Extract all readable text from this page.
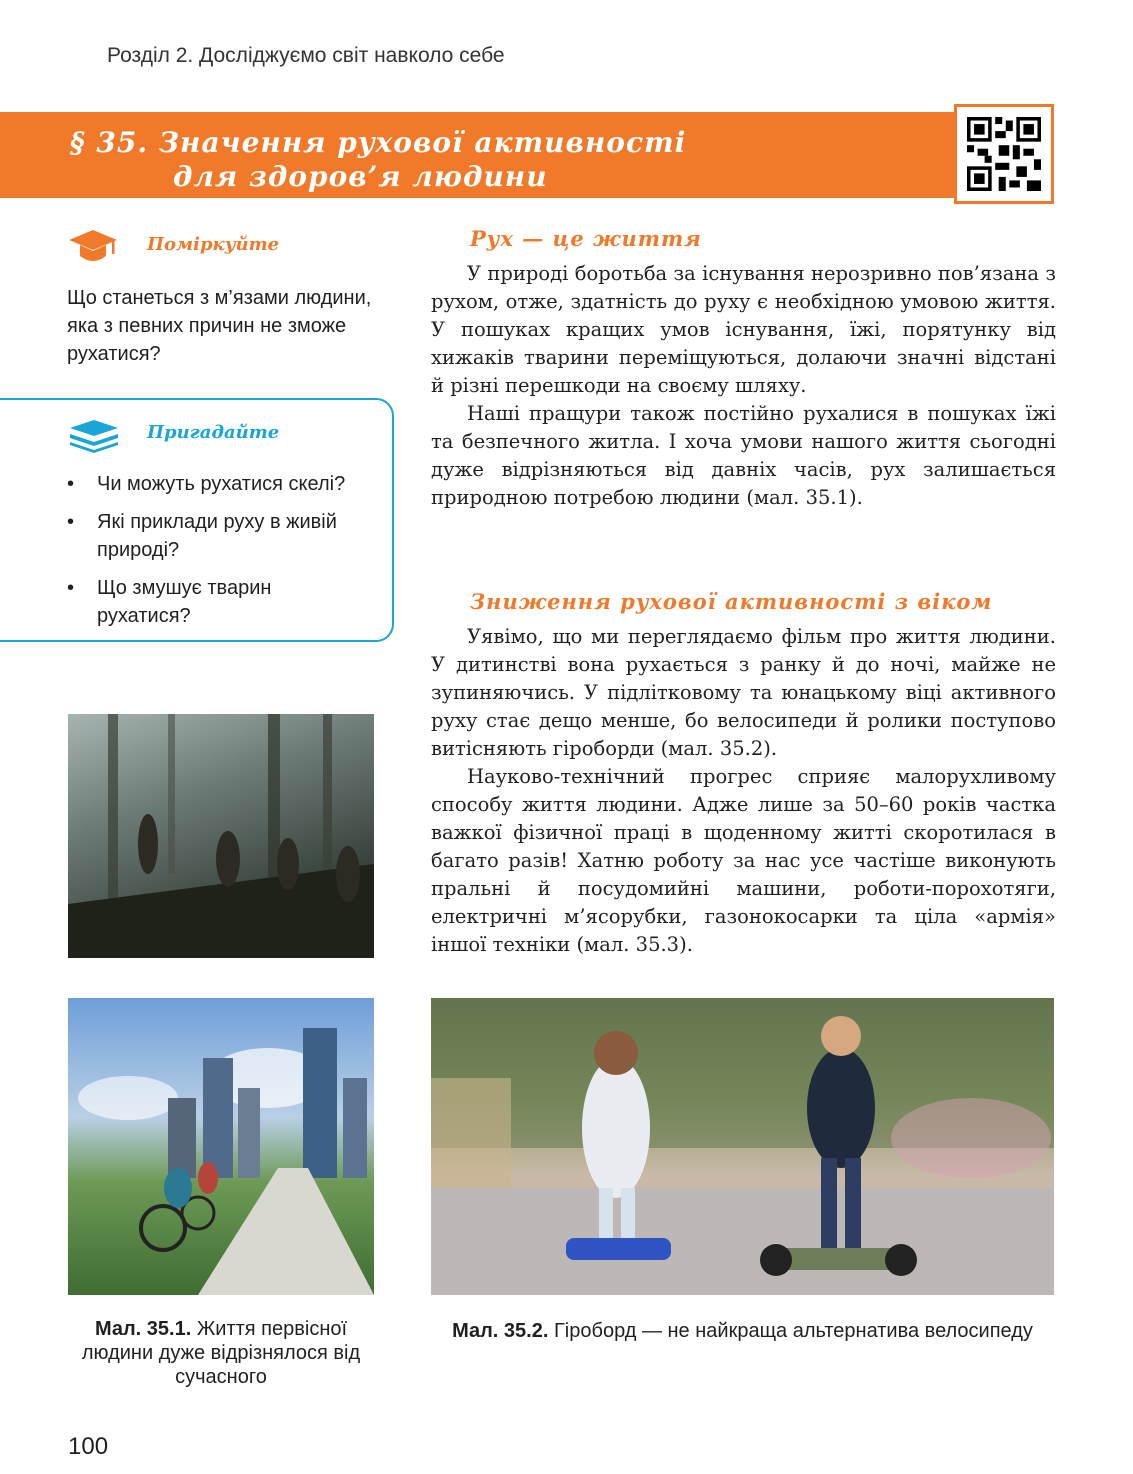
Розділ 2. Досліджуємо світ навколо себе
§ 35. Значення рухової активності
для здоров’я людини
Поміркуйте
Що станеться з м’язами людини, яка з певних причин не зможе рухатися?
Пригадайте
• Чи можуть рухатися скелі?
• Які приклади руху в живій природі?
• Що змушує тварин рухатися?
Рух — це життя

У природі боротьба за існування нерозривно пов’язана з рухом, отже, здатність до руху є необхідною умовою життя. У пошуках кращих умов існування, їжі, порятунку від хижаків тварини переміщуються, долаючи значні відстані й різні перешкоди на своєму шляху.

Наші пращури також постійно рухалися в пошуках їжі та безпечного житла. І хоча умови нашого життя сьогодні дуже відрізняються від давніх часів, рух залишається природною потребою людини (мал. 35.1).

Зниження рухової активності з віком

Уявімо, що ми переглядаємо фільм про життя людини. У дитинстві вона рухається з ранку й до ночі, майже не зупиняючись. У підлітковому та юнацькому віці активного руху стає дещо менше, бо велосипеди й ролики поступово витісняють гіроборди (мал. 35.2).

Науково-технічний прогрес сприяє малорухливому способу життя людини. Адже лише за 50–60 років частка важкої фізичної праці в щоденному житті скоротилася в багато разів! Хатню роботу за нас усе частіше виконують пральні й посудомийні машини, роботи-порохотяги, електричні м’ясорубки, газонокосарки та ціла «армія» іншої техніки (мал. 35.3).

Мал. 35.1. Життя первісної людини дуже відрізнялося від сучасного
Мал. 35.2. Гіроборд — не найкраща альтернатива велосипеду
100
